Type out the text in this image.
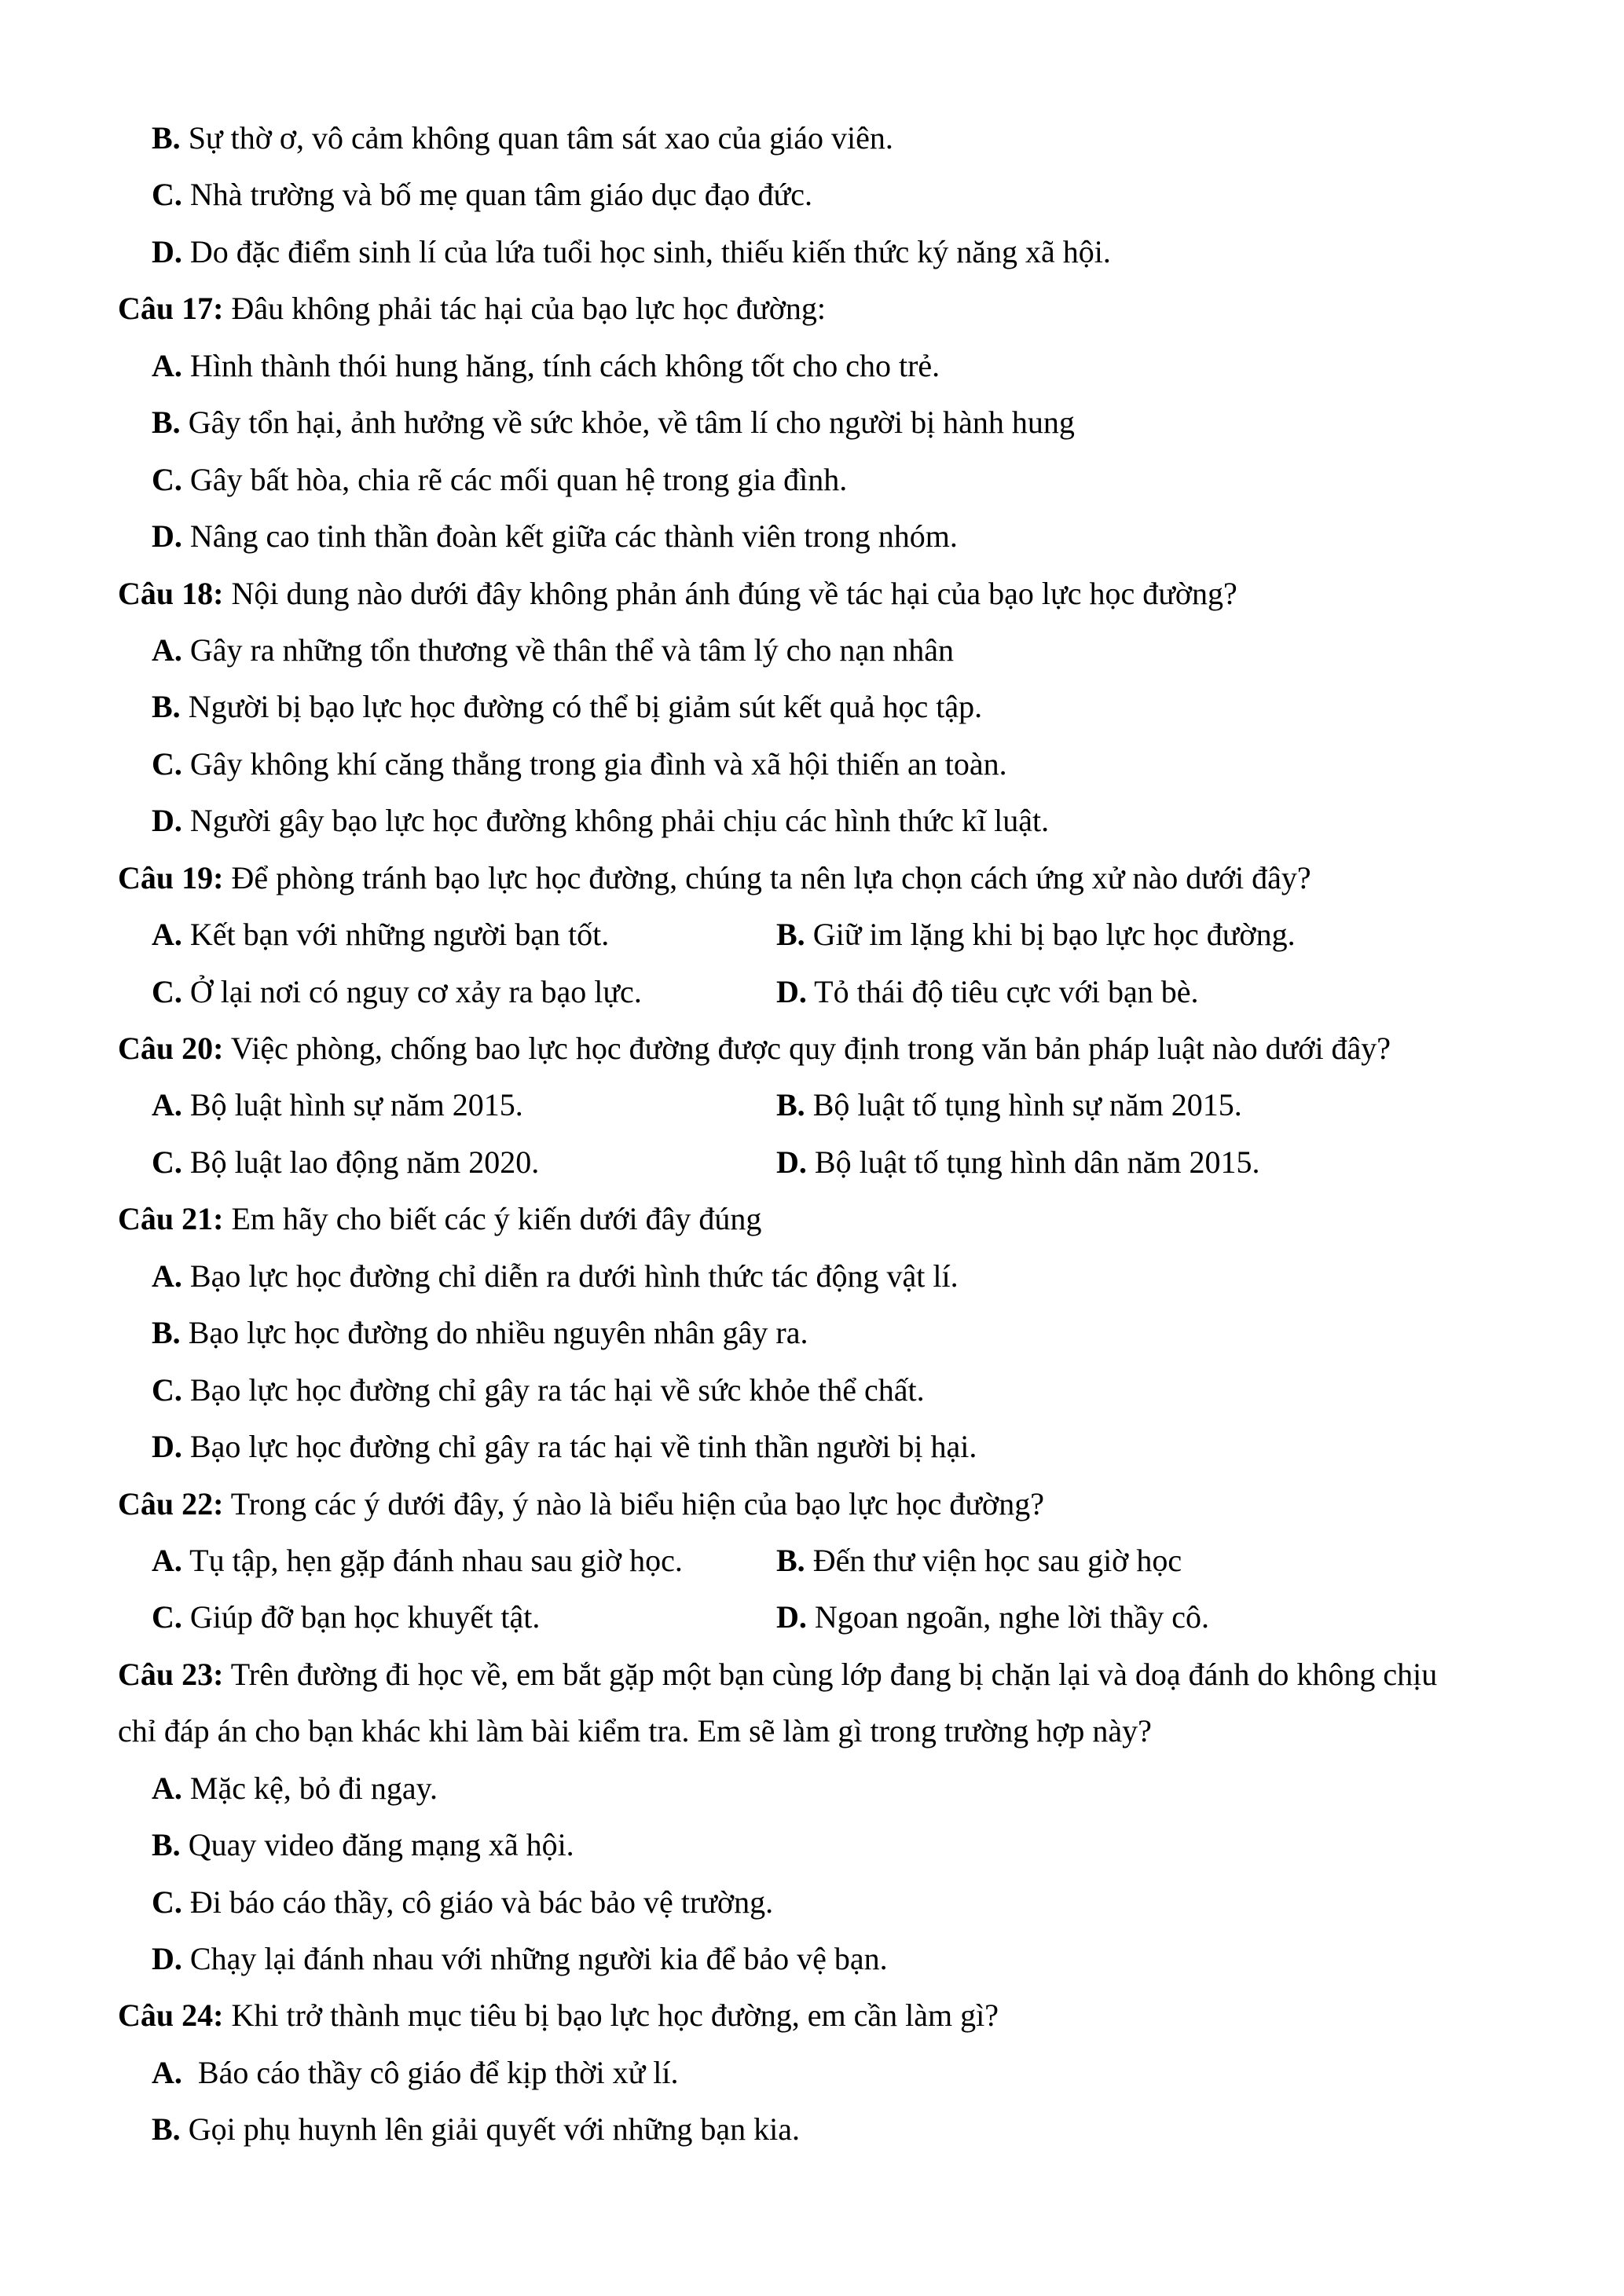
B. Sự thờ ơ, vô cảm không quan tâm sát xao của giáo viên.
C. Nhà trường và bố mẹ quan tâm giáo dục đạo đức.
D. Do đặc điểm sinh lí của lứa tuổi học sinh, thiếu kiến thức ký năng xã hội.
Câu 17: Đâu không phải tác hại của bạo lực học đường:
A. Hình thành thói hung hăng, tính cách không tốt cho cho trẻ.
B. Gây tổn hại, ảnh hưởng về sức khỏe, về tâm lí cho người bị hành hung
C. Gây bất hòa, chia rẽ các mối quan hệ trong gia đình.
D. Nâng cao tinh thần đoàn kết giữa các thành viên trong nhóm.
Câu 18: Nội dung nào dưới đây không phản ánh đúng về tác hại của bạo lực học đường?
A. Gây ra những tổn thương về thân thể và tâm lý cho nạn nhân
B. Người bị bạo lực học đường có thể bị giảm sút kết quả học tập.
C. Gây không khí căng thẳng trong gia đình và xã hội thiến an toàn.
D. Người gây bạo lực học đường không phải chịu các hình thức kĩ luật.
Câu 19: Để phòng tránh bạo lực học đường, chúng ta nên lựa chọn cách ứng xử nào dưới đây?
A. Kết bạn với những người bạn tốt.	B. Giữ im lặng khi bị bạo lực học đường.
C. Ở lại nơi có nguy cơ xảy ra bạo lực.	D. Tỏ thái độ tiêu cực với bạn bè.
Câu 20: Việc phòng, chống bao lực học đường được quy định trong văn bản pháp luật nào dưới đây?
A. Bộ luật hình sự năm 2015.	B. Bộ luật tố tụng hình sự năm 2015.
C. Bộ luật lao động năm 2020.	D. Bộ luật tố tụng hình dân năm 2015.
Câu 21: Em hãy cho biết các ý kiến dưới đây đúng
A. Bạo lực học đường chỉ diễn ra dưới hình thức tác động vật lí.
B. Bạo lực học đường do nhiều nguyên nhân gây ra.
C. Bạo lực học đường chỉ gây ra tác hại về sức khỏe thể chất.
D. Bạo lực học đường chỉ gây ra tác hại về tinh thần người bị hại.
Câu 22: Trong các ý dưới đây, ý nào là biểu hiện của bạo lực học đường?
A. Tụ tập, hẹn gặp đánh nhau sau giờ học.	B. Đến thư viện học sau giờ học
C. Giúp đỡ bạn học khuyết tật.	D. Ngoan ngoãn, nghe lời thầy cô.
Câu 23: Trên đường đi học về, em bắt gặp một bạn cùng lớp đang bị chặn lại và doạ đánh do không chịu
chỉ đáp án cho bạn khác khi làm bài kiểm tra. Em sẽ làm gì trong trường hợp này?
A. Mặc kệ, bỏ đi ngay.
B. Quay video đăng mạng xã hội.
C. Đi báo cáo thầy, cô giáo và bác bảo vệ trường.
D. Chạy lại đánh nhau với những người kia để bảo vệ bạn.
Câu 24: Khi trở thành mục tiêu bị bạo lực học đường, em cần làm gì?
A.  Báo cáo thầy cô giáo để kịp thời xử lí.
B. Gọi phụ huynh lên giải quyết với những bạn kia.
